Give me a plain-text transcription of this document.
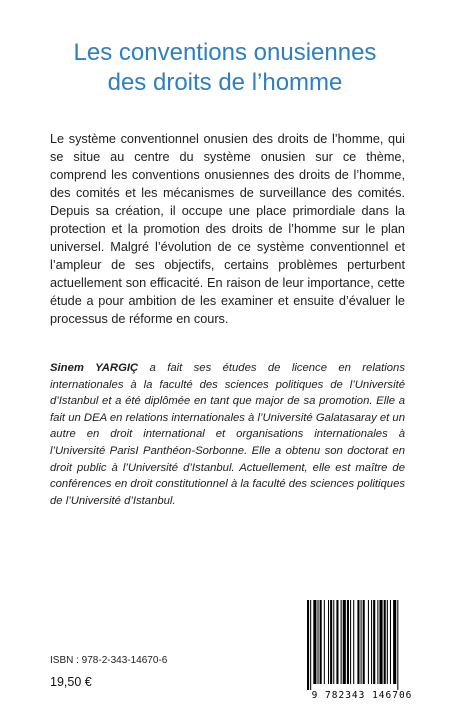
Les conventions onusiennes
des droits de l’homme
Le système conventionnel onusien des droits de l’homme, qui se situe au centre du système onusien sur ce thème, comprend les conventions onusiennes des droits de l’homme, des comités et les mécanismes de surveillance des comités. Depuis sa création, il occupe une place primordiale dans la protection et la promotion des droits de l’homme sur le plan universel. Malgré l’évolution de ce système conventionnel et l’ampleur de ses objectifs, certains problèmes perturbent actuellement son efficacité. En raison de leur importance, cette étude a pour ambition de les examiner et ensuite d’évaluer le processus de réforme en cours.
Sinem YARGIÇ a fait ses études de licence en relations internationales à la faculté des sciences politiques de l’Université d’Istanbul et a été diplômée en tant que major de sa promotion. Elle a fait un DEA en relations internationales à l’Université Galatasaray et un autre en droit international et organisations internationales à l’Université ParisI Panthéon-Sorbonne. Elle a obtenu son doctorat en droit public à l’Université d’Istanbul. Actuellement, elle est maître de conférences en droit constitutionnel à la faculté des sciences politiques de l’Université d’Istanbul.
ISBN : 978-2-343-14670-6
19,50 €
9 782343 146706
